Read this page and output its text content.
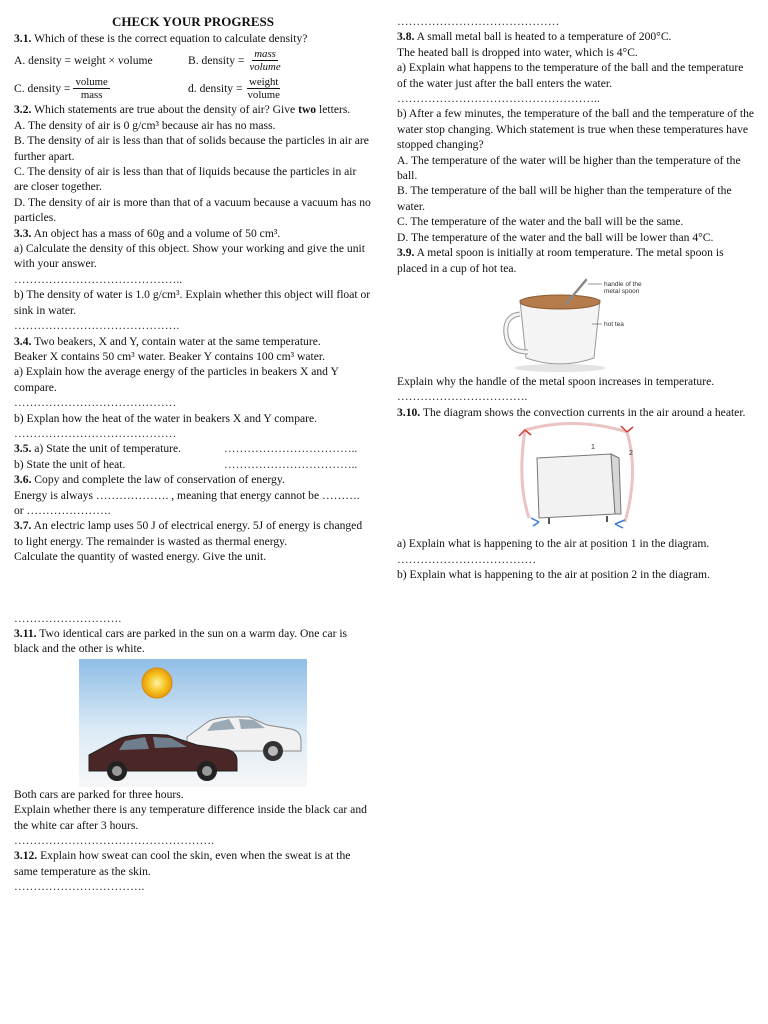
CHECK YOUR PROGRESS

3.1. Which of these is the correct equation to calculate density?

A. density = weight × volume	B. density = $\frac{\text{mass}}{\text{volume}}$
C. density = $\frac{\text{volume}}{\text{mass}}$	d. density = $\frac{\text{weight}}{\text{volume}}$

3.2. Which statements are true about the density of air? Give two letters.

A. The density of air is 0 g/cm³ because air has no mass.

B. The density of air is less than that of solids because the particles in air are further apart.

C. The density of air is less than that of liquids because the particles in air are closer together.

D. The density of air is more than that of a vacuum because a vacuum has no particles.

3.3. An object has a mass of 60g and a volume of 50 cm³.

a) Calculate the density of this object. Show your working and give the unit with your answer.

……………………………………..

b) The density of water is 1.0 g/cm³. Explain whether this object will float or sink in water.

…………………………………….

3.4. Two beakers, X and Y, contain water at the same temperature.

Beaker X contains 50 cm³ water. Beaker Y contains 100 cm³ water.

a) Explain how the average energy of the particles in beakers X and Y compare.

……………………………………

b) Explan how the heat of the water in beakers X and Y compare.

……………………………………

3.5. a) State the unit of temperature.	……………………………..

b) State the unit of heat.	……………………………..

3.6. Copy and complete the law of conservation of energy.

Energy is always ………………. , meaning that energy cannot be ……….

or ………………….

3.7. An electric lamp uses 50 J of electrical energy. 5J of energy is changed to light energy. The remainder is wasted as thermal energy.

Calculate the quantity of wasted energy. Give the unit.

……………………….

3.11. Two identical cars are parked in the sun on a warm day. One car is black and the other is white.

Both cars are parked for three hours.

Explain whether there is any temperature difference inside the black car and the white car after 3 hours.

…………………………………………….

3.12. Explain how sweat can cool the skin, even when the sweat is at the same temperature as the skin.

…………………………….

……………………………………

3.8. A small metal ball is heated to a temperature of 200°C.

The heated ball is dropped into water, which is 4°C.

a) Explain what happens to the temperature of the ball and the temperature of the water just after the ball enters the water.

……………………………………………..

b) After a few minutes, the temperature of the ball and the temperature of the water stop changing. Which statement is true when these temperatures have stopped changing?

A. The temperature of the water will be higher than the temperature of the ball.

B. The temperature of the ball will be higher than the temperature of the water.

C. The temperature of the water and the ball will be the same.

D. The temperature of the water and the ball will be lower than 4°C.

3.9. A metal spoon is initially at room temperature. The metal spoon is placed in a cup of hot tea.

handle of the
metal spoon
hot tea

Explain why the handle of the metal spoon increases in temperature.

…………………………….

3.10. The diagram shows the convection currents in the air around a heater.

1
2

a) Explain what is happening to the air at position 1 in the diagram.

………………………………

b) Explain what is happening to the air at position 2 in the diagram.
